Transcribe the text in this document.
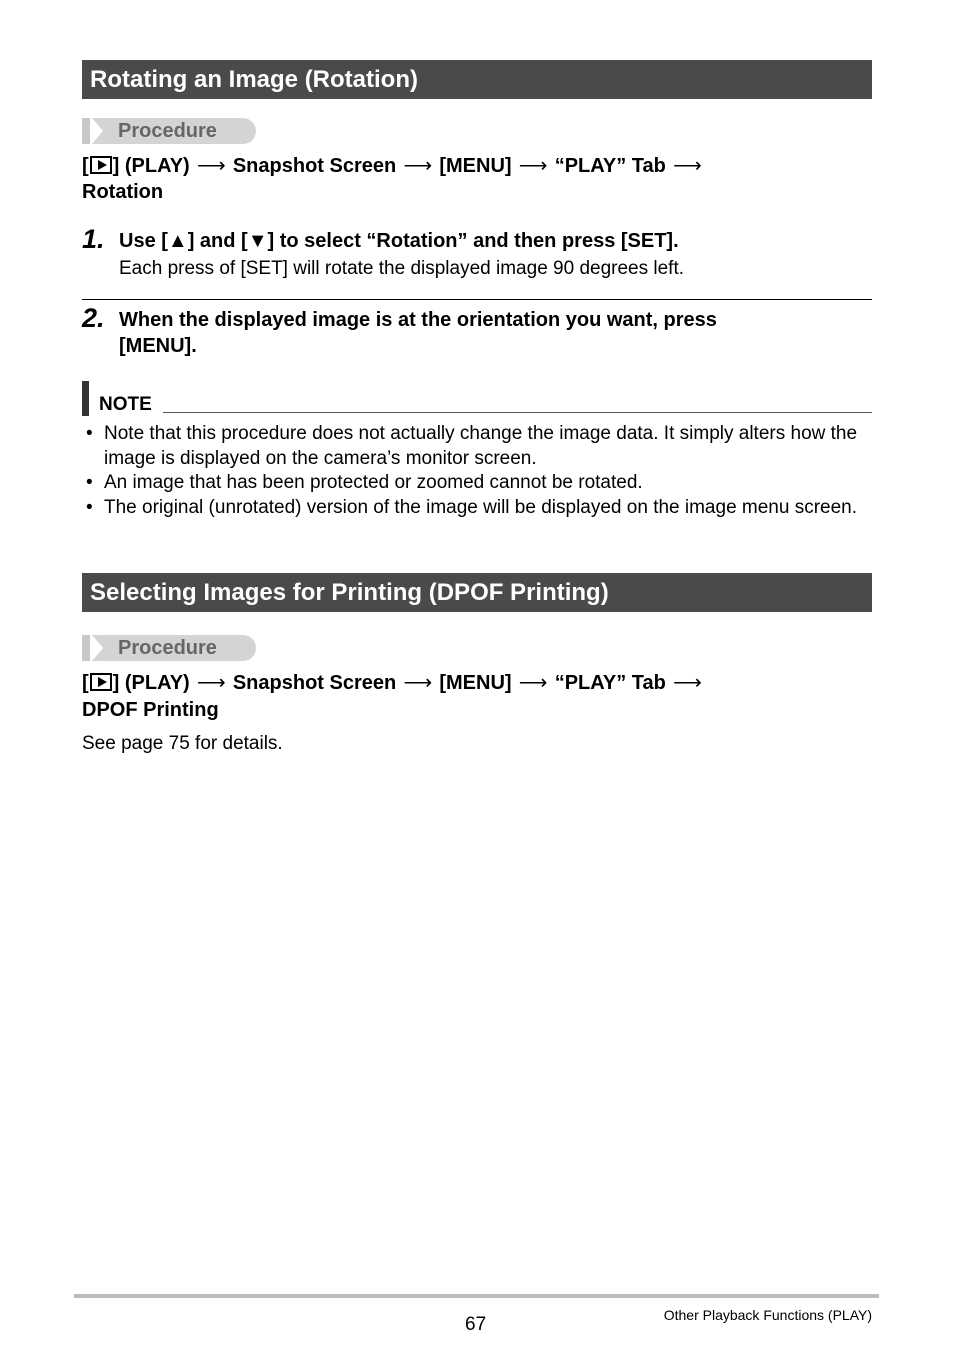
Rotating an Image (Rotation)
Procedure
[ ] (PLAY) ⟶ Snapshot Screen ⟶ [MENU] ⟶ “PLAY” Tab ⟶
Rotation
1. Use [▲] and [▼] to select “Rotation” and then press [SET].
Each press of [SET] will rotate the displayed image 90 degrees left.
2. When the displayed image is at the orientation you want, press
[MENU].
NOTE
• Note that this procedure does not actually change the image data. It simply alters how the image is displayed on the camera’s monitor screen.
• An image that has been protected or zoomed cannot be rotated.
• The original (unrotated) version of the image will be displayed on the image menu screen.
Selecting Images for Printing (DPOF Printing)
Procedure
[ ] (PLAY) ⟶ Snapshot Screen ⟶ [MENU] ⟶ “PLAY” Tab ⟶
DPOF Printing
See page 75 for details.
67	Other Playback Functions (PLAY)
